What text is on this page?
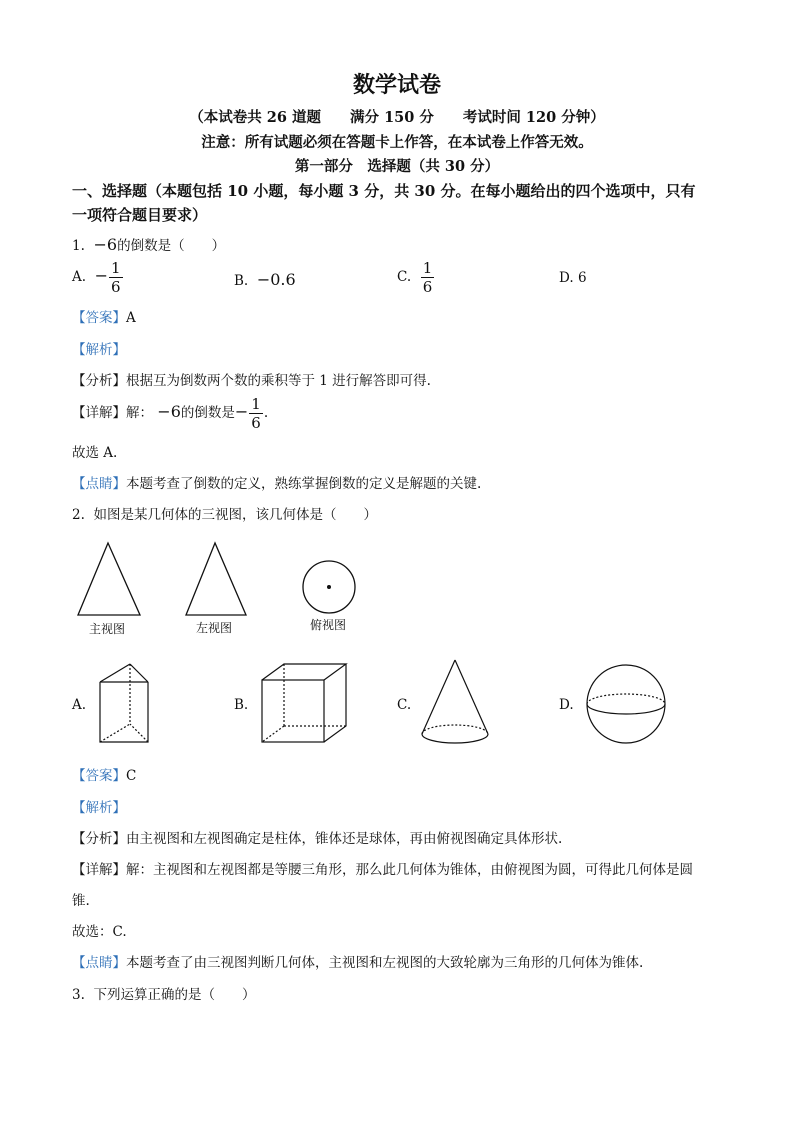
数学试卷
（本试卷共 26 道题　　满分 150 分　　考试时间 120 分钟）
注意：所有试题必须在答题卡上作答，在本试卷上作答无效。
第一部分　选择题（共 30 分）
一、选择题（本题包括 10 小题，每小题 3 分，共 30 分。在每小题给出的四个选项中，只有
一项符合题目要求）
1. −6的倒数是（　　）
A. − $\frac{1}{6}$	B. −0.6	C. $\frac{1}{6}$	D. 6
【答案】A
【解析】
【分析】根据互为倒数两个数的乘积等于 1 进行解答即可得.
【详解】解： −6的倒数是− $\frac{1}{6}$ .
故选 A.
【点睛】本题考查了倒数的定义，熟练掌握倒数的定义是解题的关键.
2. 如图是某几何体的三视图，该几何体是（　　）
主视图	左视图	俯视图
A.	B.	C.	D.
【答案】C
【解析】
【分析】由主视图和左视图确定是柱体，锥体还是球体，再由俯视图确定具体形状.
【详解】解：主视图和左视图都是等腰三角形，那么此几何体为锥体，由俯视图为圆，可得此几何体是圆
锥.
故选：C.
【点睛】本题考查了由三视图判断几何体，主视图和左视图的大致轮廓为三角形的几何体为锥体.
3. 下列运算正确的是（　　）
